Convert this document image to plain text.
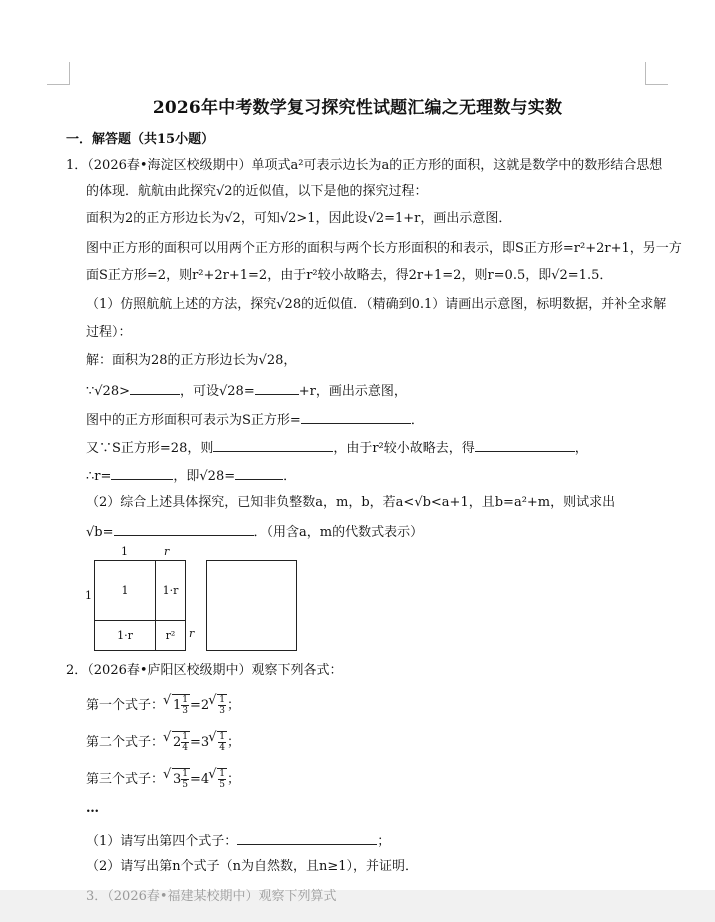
2026年中考数学复习探究性试题汇编之无理数与实数
一．解答题（共15小题）
1．（2026春•海淀区校级期中）单项式a²可表示边长为a的正方形的面积，这就是数学中的数形结合思想
的体现．航航由此探究√2的近似值，以下是他的探究过程：
面积为2的正方形边长为√2，可知√2>1，因此设√2=1+r，画出示意图．
图中正方形的面积可以用两个正方形的面积与两个长方形面积的和表示，即S正方形=r²+2r+1，另一方
面S正方形=2，则r²+2r+1=2，由于r²较小故略去，得2r+1=2，则r=0.5，即√2=1.5．
（1）仿照航航上述的方法，探究√28的近似值．（精确到0.1）请画出示意图，标明数据，并补全求解
过程）：
解：面积为28的正方形边长为√28，
∵√28>	，可设√28=	+r，画出示意图，
图中的正方形面积可表示为S正方形=	．
又∵S正方形=28，则	，由于r²较小故略去，得	，
∴r=	，即√28=	．
（2）综合上述具体探究，已知非负整数a，m，b，若a<√b<a+1，且b=a²+m，则试求出
√b=	．（用含a，m的代数式表示）
1	r
1
r
1	1·r
1·r	r²
2．（2026春•庐阳区校级期中）观察下列各式：
第一个式子： √ $1 \frac{1}{3} =2$ √ $\frac{1}{3}$ ；
第二个式子： √ $2 \frac{1}{4} =3$ √ $\frac{1}{4}$ ；
第三个式子： √ $3 \frac{1}{5} =4$ √ $\frac{1}{5}$ ；
…
（1）请写出第四个式子：	；
（2）请写出第n个式子（n为自然数，且n≥1），并证明．
3．（2026春•福建某校期中）观察下列算式
